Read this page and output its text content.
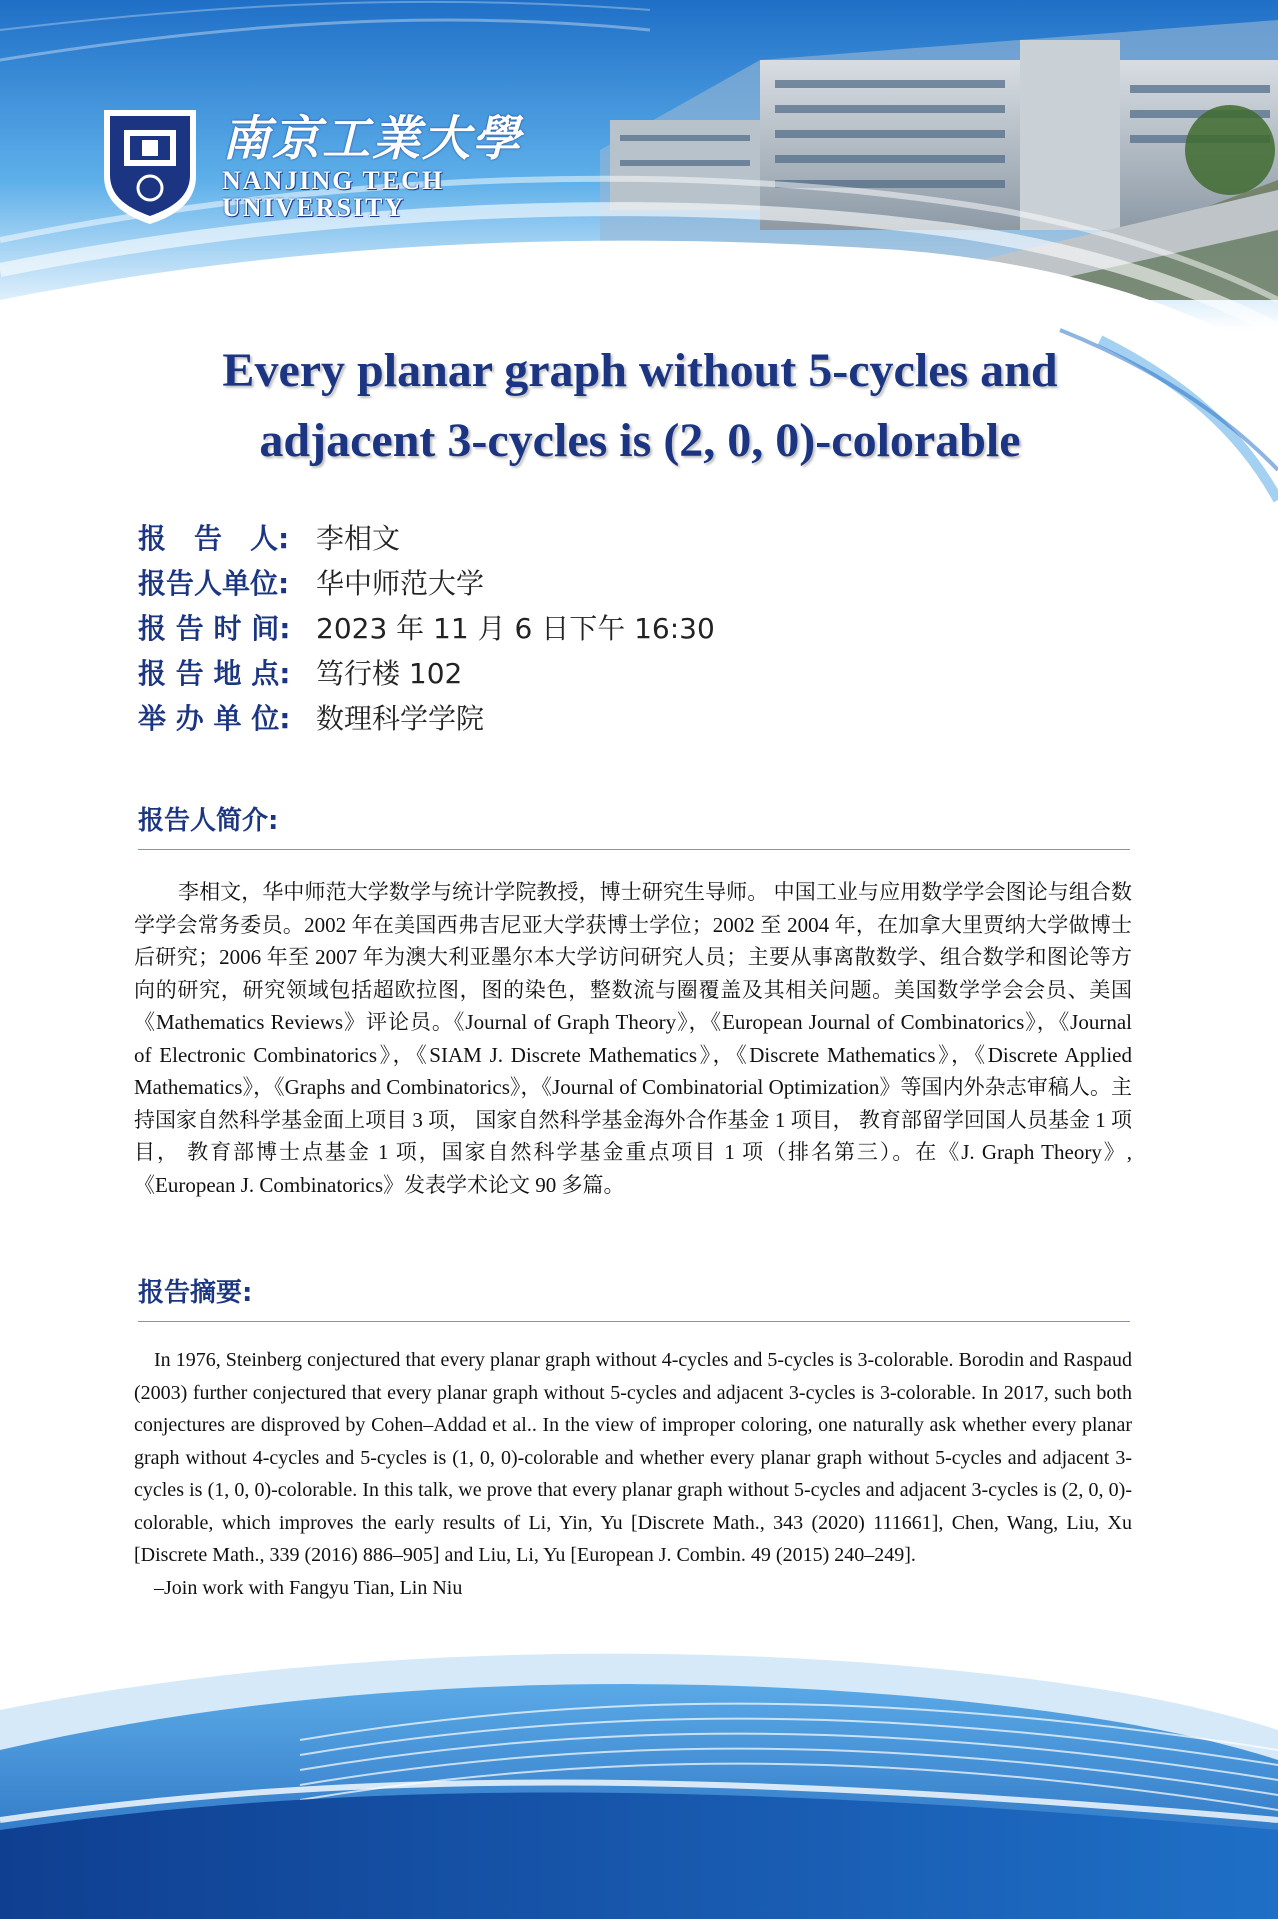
南京工業大學
NANJING TECH
UNIVERSITY
Every planar graph without 5-cycles and
adjacent 3-cycles is (2, 0, 0)-colorable
报　告　人: 李相文
报告人单位: 华中师范大学
报 告 时 间: 2023 年 11 月 6 日下午 16:30
报 告 地 点: 笃行楼 102
举 办 单 位: 数理科学学院
报告人简介:
李相文，华中师范大学数学与统计学院教授，博士研究生导师。 中国工业与应用数学学会图论与组合数学学会常务委员。2002 年在美国西弗吉尼亚大学获博士学位；2002 至 2004 年，在加拿大里贾纳大学做博士后研究；2006 年至 2007 年为澳大利亚墨尔本大学访问研究人员；主要从事离散数学、组合数学和图论等方向的研究，研究领域包括超欧拉图，图的染色，整数流与圈覆盖及其相关问题。美国数学学会会员、美国《Mathematics Reviews》评论员。《Journal of Graph Theory》，《European Journal of Combinatorics》，《Journal of Electronic Combinatorics》，《SIAM J. Discrete Mathematics》，《Discrete Mathematics》，《Discrete Applied Mathematics》，《Graphs and Combinatorics》，《Journal of Combinatorial Optimization》等国内外杂志审稿人。主持国家自然科学基金面上项目 3 项， 国家自然科学基金海外合作基金 1 项目， 教育部留学回国人员基金 1 项目， 教育部博士点基金 1 项，国家自然科学基金重点项目 1 项（排名第三）。在《J. Graph Theory》,《European J. Combinatorics》发表学术论文 90 多篇。
报告摘要:

In 1976, Steinberg conjectured that every planar graph without 4-cycles and 5-cycles is 3-colorable. Borodin and Raspaud (2003) further conjectured that every planar graph without 5-cycles and adjacent 3-cycles is 3-colorable. In 2017, such both conjectures are disproved by Cohen–Addad et al.. In the view of improper coloring, one naturally ask whether every planar graph without 4-cycles and 5-cycles is (1, 0, 0)-colorable and whether every planar graph without 5-cycles and adjacent 3-cycles is (1, 0, 0)-colorable. In this talk, we prove that every planar graph without 5-cycles and adjacent 3-cycles is (2, 0, 0)-colorable, which improves the early results of Li, Yin, Yu [Discrete Math., 343 (2020) 111661], Chen, Wang, Liu, Xu [Discrete Math., 339 (2016) 886–905] and Liu, Li, Yu [European J. Combin. 49 (2015) 240–249].

–Join work with Fangyu Tian, Lin Niu
